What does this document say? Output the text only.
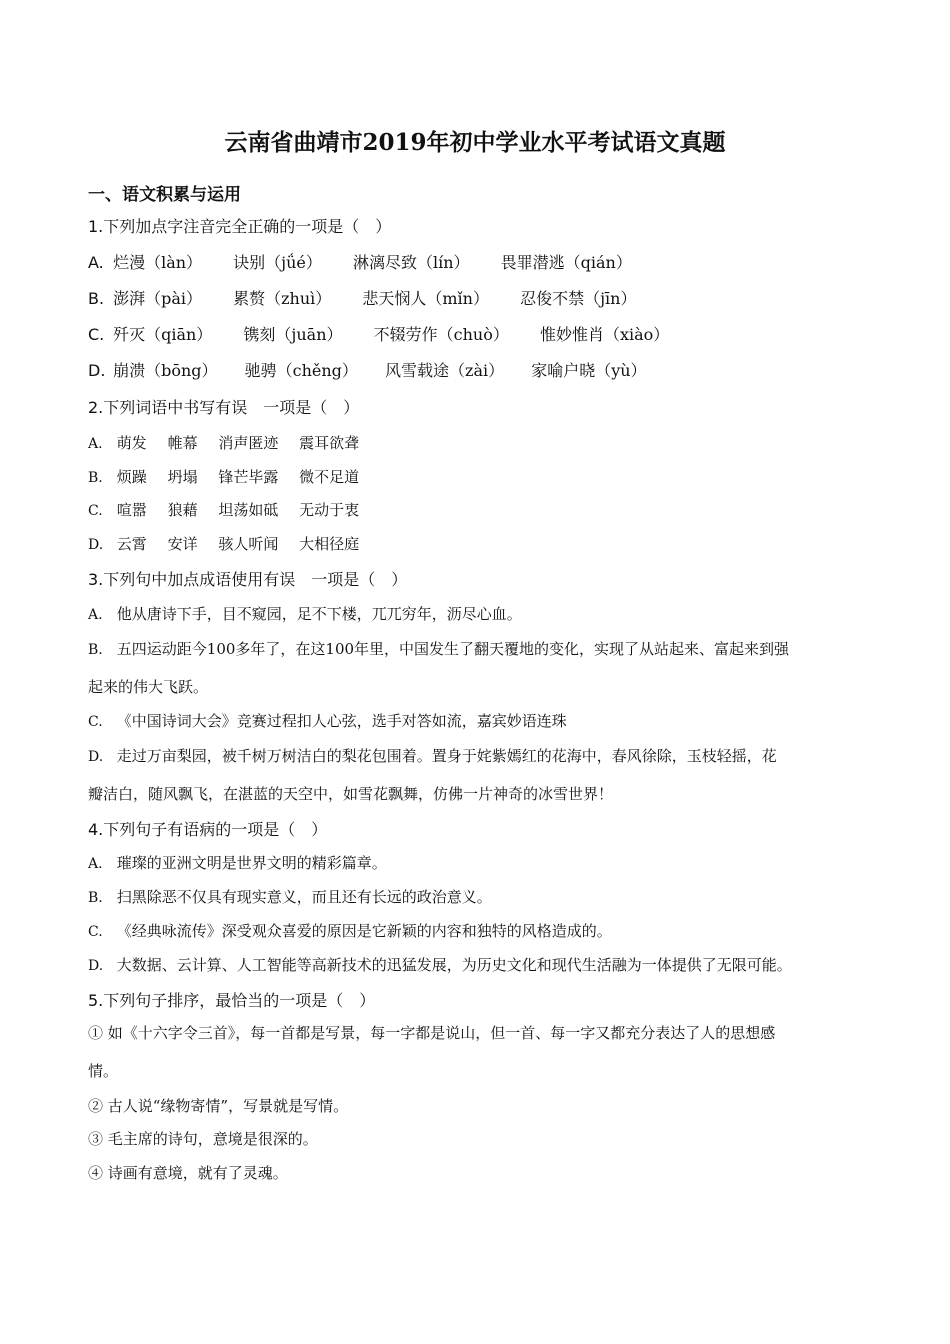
云南省曲靖市2019年初中学业水平考试语文真题
一、语文积累与运用
1.下列加点字注音完全正确的一项是（　）
A. 烂漫（làn） 诀别（jǘé） 淋漓尽致（lín） 畏罪潜逃（qián）
B. 澎湃（pài） 累赘（zhuì） 悲天悯人（mǐn） 忍俊不禁（jīn）
C. 歼灭（qiān） 镌刻（juān） 不辍劳作（chuò） 惟妙惟肖（xiào）
D. 崩溃（bōng） 驰骋（chěng） 风雪载途（zài） 家喻户晓（yù）
2.下列词语中书写有误　一项是（　）
A. 萌发 帷幕 消声匿迹 震耳欲聋
B. 烦躁 坍塌 锋芒毕露 微不足道
C. 喧嚣 狼藉 坦荡如砥 无动于衷
D. 云霄 安详 骇人听闻 大相径庭
3.下列句中加点成语使用有误　一项是（　）
A. 他从唐诗下手，目不窥园，足不下楼，兀兀穷年，沥尽心血。
B. 五四运动距今100多年了，在这100年里，中国发生了翻天覆地的变化，实现了从站起来、富起来到强
起来的伟大飞跃。
C. 《中国诗词大会》竞赛过程扣人心弦，选手对答如流，嘉宾妙语连珠
D. 走过万亩梨园，被千树万树洁白的梨花包围着。置身于姹紫嫣红的花海中，春风徐除，玉枝轻摇，花
瓣洁白，随风飘飞，在湛蓝的天空中，如雪花飘舞，仿佛一片神奇的冰雪世界！
4.下列句子有语病的一项是（　）
A. 璀璨的亚洲文明是世界文明的精彩篇章。
B. 扫黑除恶不仅具有现实意义，而且还有长远的政治意义。
C. 《经典咏流传》深受观众喜爱的原因是它新颖的内容和独特的风格造成的。
D. 大数据、云计算、人工智能等高新技术的迅猛发展，为历史文化和现代生活融为一体提供了无限可能。
5.下列句子排序，最恰当的一项是（　）
① 如《十六字令三首》，每一首都是写景，每一字都是说山，但一首、每一字又都充分表达了人的思想感
情。
② 古人说“缘物寄情”，写景就是写情。
③ 毛主席的诗句，意境是很深的。
④ 诗画有意境，就有了灵魂。
